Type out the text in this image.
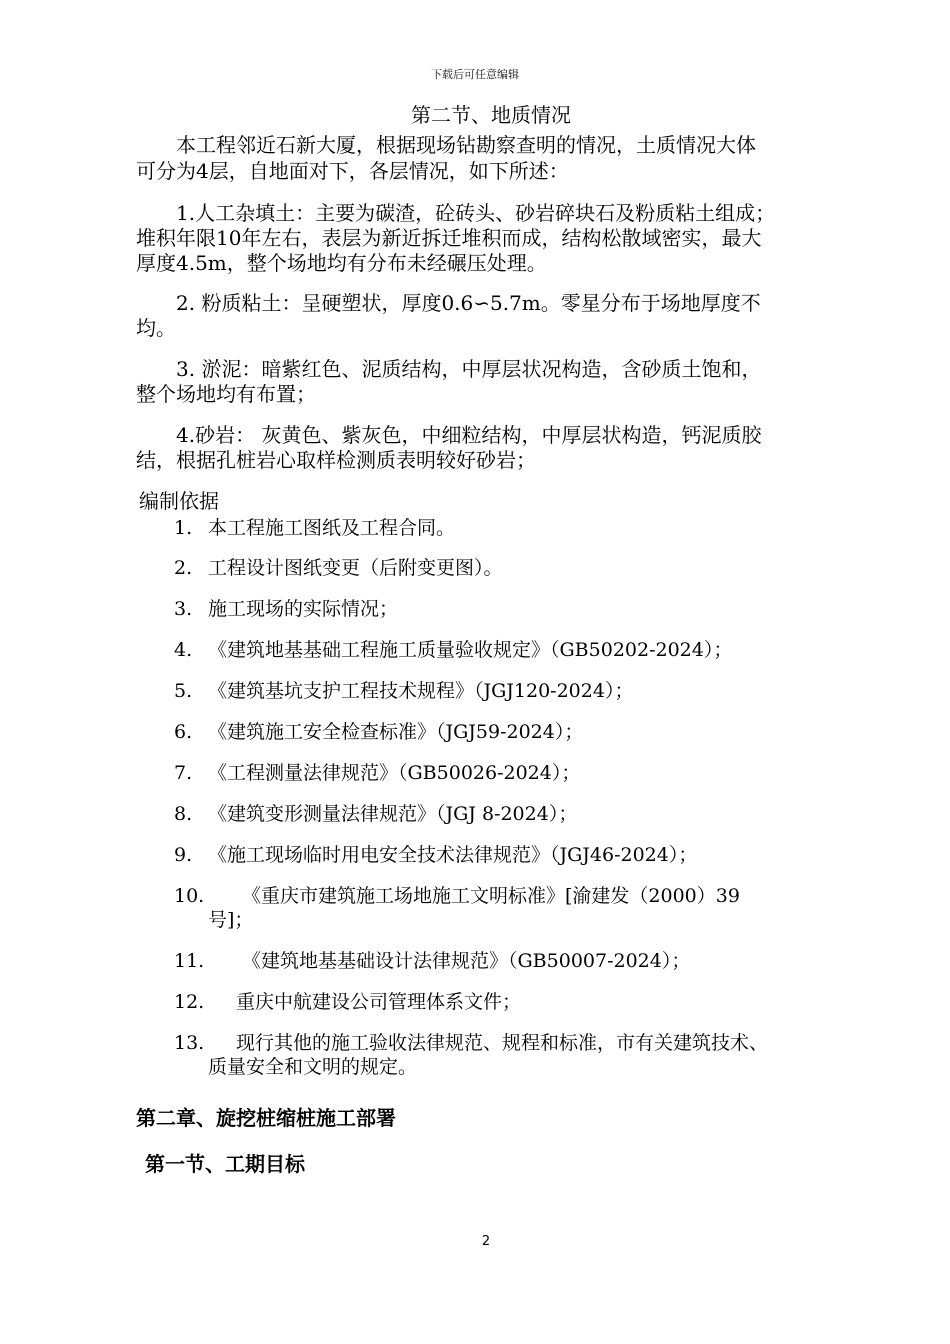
下载后可任意编辑
第二节、地质情况
本工程邻近石新大厦，根据现场钻勘察查明的情况，土质情况大体
可分为4层，自地面对下，各层情况，如下所述：
1.人工杂填土：主要为碳渣，砼砖头、砂岩碎块石及粉质粘土组成；
堆积年限10年左右，表层为新近拆迁堆积而成，结构松散域密实，最大
厚度4.5m，整个场地均有分布未经碾压处理。
2. 粉质粘土：呈硬塑状，厚度0.6∽5.7m。零星分布于场地厚度不
均。
3. 淤泥：暗紫红色、泥质结构，中厚层状况构造，含砂质土饱和，
整个场地均有布置；
4.砂岩： 灰黄色、紫灰色，中细粒结构，中厚层状构造，钙泥质胶
结，根据孔桩岩心取样检测质表明较好砂岩；
编制依据
1. 本工程施工图纸及工程合同。
2. 工程设计图纸变更（后附变更图）。
3. 施工现场的实际情况；
4. 《建筑地基基础工程施工质量验收规定》（GB50202-2024）；
5. 《建筑基坑支护工程技术规程》（JGJ120-2024）；
6. 《建筑施工安全检查标准》（JGJ59-2024）；
7. 《工程测量法律规范》（GB50026-2024）；
8. 《建筑变形测量法律规范》（JGJ 8-2024）；
9. 《施工现场临时用电安全技术法律规范》（JGJ46-2024）；
10. 《重庆市建筑施工场地施工文明标准》[渝建发（2000）39
号]；
11. 《建筑地基基础设计法律规范》（GB50007-2024）；
12. 重庆中航建设公司管理体系文件；
13. 现行其他的施工验收法律规范、规程和标准，市有关建筑技术、
质量安全和文明的规定。
第二章、旋挖桩缩桩施工部署
第一节、工期目标
2
